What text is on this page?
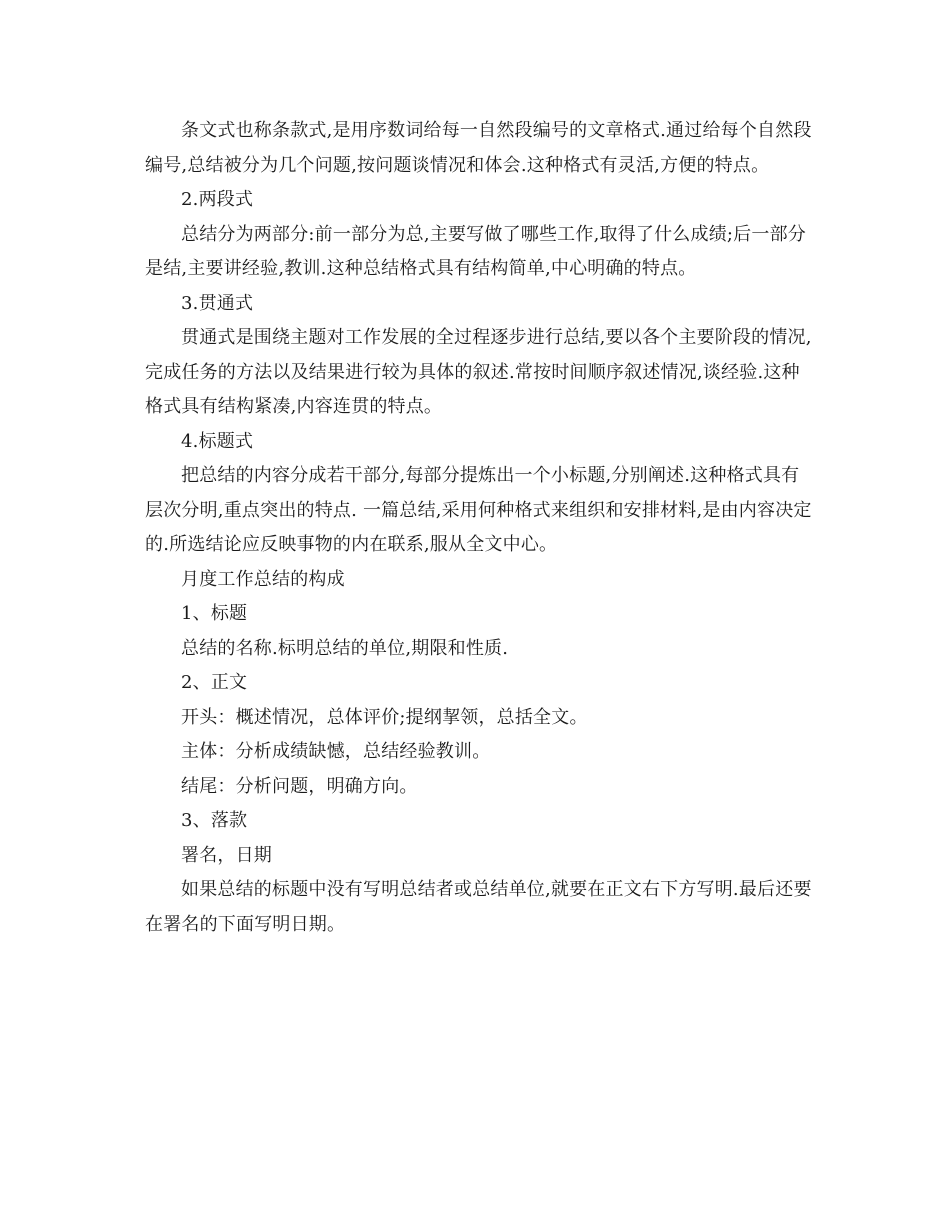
条文式也称条款式,是用序数词给每一自然段编号的文章格式.通过给每个自然段编号,总结被分为几个问题,按问题谈情况和体会.这种格式有灵活,方便的特点。

2.两段式

总结分为两部分:前一部分为总,主要写做了哪些工作,取得了什么成绩;后一部分是结,主要讲经验,教训.这种总结格式具有结构简单,中心明确的特点。

3.贯通式

贯通式是围绕主题对工作发展的全过程逐步进行总结,要以各个主要阶段的情况,完成任务的方法以及结果进行较为具体的叙述.常按时间顺序叙述情况,谈经验.这种格式具有结构紧凑,内容连贯的特点。

4.标题式

把总结的内容分成若干部分,每部分提炼出一个小标题,分别阐述.这种格式具有层次分明,重点突出的特点. 一篇总结,采用何种格式来组织和安排材料,是由内容决定的.所选结论应反映事物的内在联系,服从全文中心。

月度工作总结的构成

1、标题

总结的名称.标明总结的单位,期限和性质.

2、正文

开头：概述情况，总体评价;提纲挈领，总括全文。

主体：分析成绩缺憾，总结经验教训。

结尾：分析问题，明确方向。

3、落款

署名，日期

如果总结的标题中没有写明总结者或总结单位,就要在正文右下方写明.最后还要在署名的下面写明日期。
